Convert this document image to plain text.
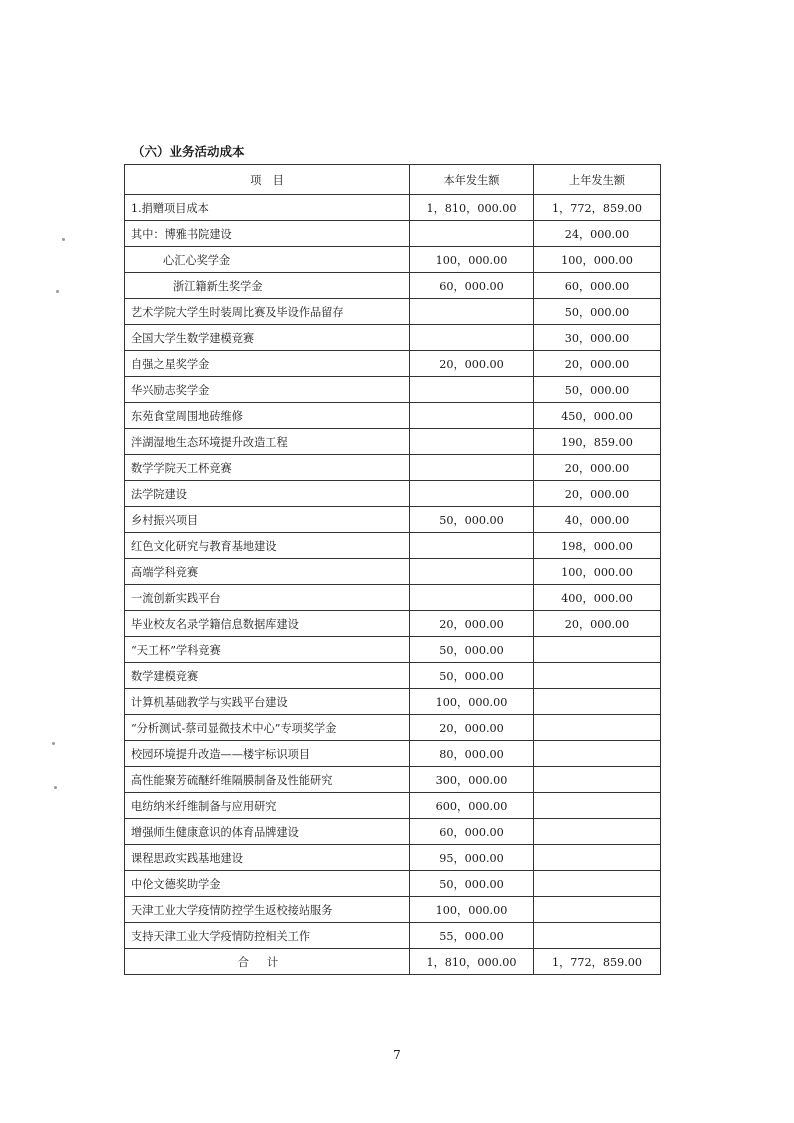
（六）业务活动成本
项　目	本年发生额	上年发生额
1.捐赠项目成本	1，810，000.00	1，772，859.00
其中：博雅书院建设		24，000.00
心汇心奖学金	100，000.00	100，000.00
浙江籍新生奖学金	60，000.00	60，000.00
艺术学院大学生时装周比赛及毕设作品留存		50，000.00
全国大学生数学建模竞赛		30，000.00
自强之星奖学金	20，000.00	20，000.00
华兴励志奖学金		50，000.00
东苑食堂周围地砖维修		450，000.00
泮湖湿地生态环境提升改造工程		190，859.00
数学学院天工杯竞赛		20，000.00
法学院建设		20，000.00
乡村振兴项目	50，000.00	40，000.00
红色文化研究与教育基地建设		198，000.00
高端学科竞赛		100，000.00
一流创新实践平台		400，000.00
毕业校友名录学籍信息数据库建设	20，000.00	20，000.00
“天工杯”学科竞赛	50，000.00	
数学建模竞赛	50，000.00	
计算机基础教学与实践平台建设	100，000.00	
“分析测试-蔡司显微技术中心”专项奖学金	20，000.00	
校园环境提升改造——楼宇标识项目	80，000.00	
高性能聚芳硫醚纤维隔膜制备及性能研究	300，000.00	
电纺纳米纤维制备与应用研究	600，000.00	
增强师生健康意识的体育品牌建设	60，000.00	
课程思政实践基地建设	95，000.00	
中伦文德奖助学金	50，000.00	
天津工业大学疫情防控学生返校接站服务	100，000.00	
支持天津工业大学疫情防控相关工作	55，000.00	
合计	1，810，000.00	1，772，859.00
7
